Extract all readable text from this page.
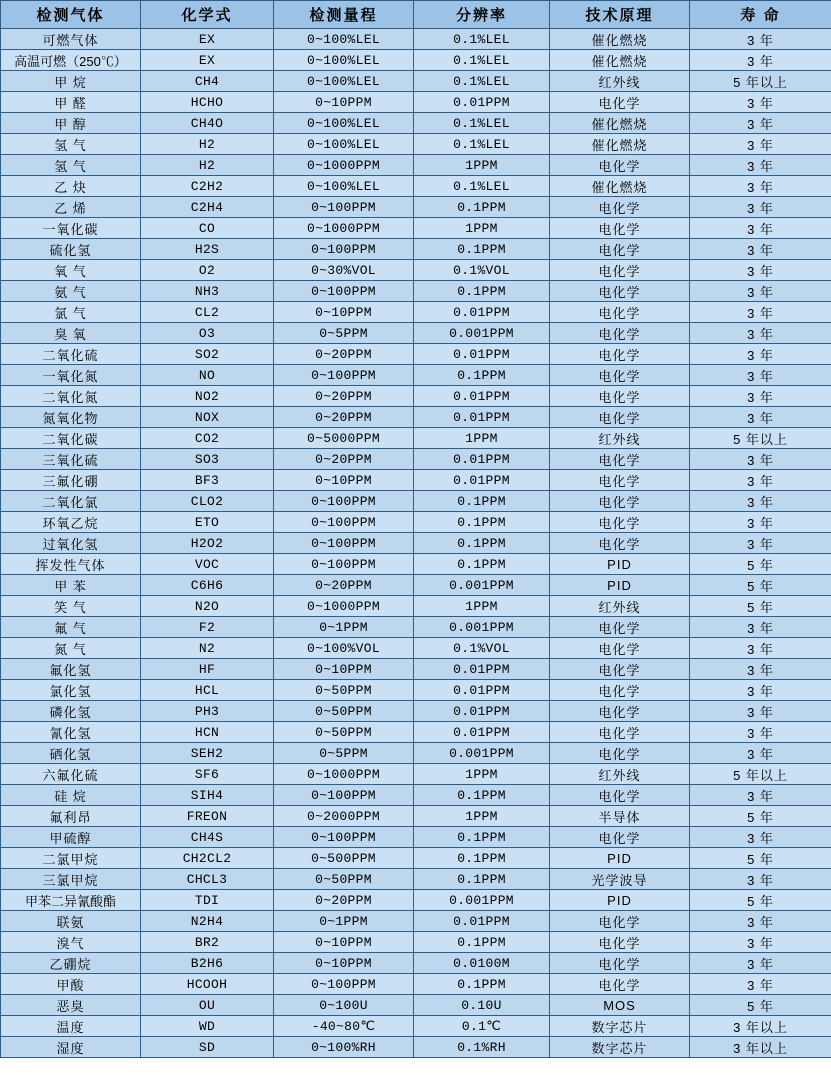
检测气体	化学式	检测量程	分辨率	技术原理	寿 命
可燃气体	EX	0~100%LEL	0.1%LEL	催化燃烧	3 年
高温可燃（250℃）	EX	0~100%LEL	0.1%LEL	催化燃烧	3 年
甲 烷	CH4	0~100%LEL	0.1%LEL	红外线	5 年以上
甲 醛	HCHO	0~10PPM	0.01PPM	电化学	3 年
甲 醇	CH4O	0~100%LEL	0.1%LEL	催化燃烧	3 年
氢 气	H2	0~100%LEL	0.1%LEL	催化燃烧	3 年
氢 气	H2	0~1000PPM	1PPM	电化学	3 年
乙 炔	C2H2	0~100%LEL	0.1%LEL	催化燃烧	3 年
乙 烯	C2H4	0~100PPM	0.1PPM	电化学	3 年
一氧化碳	CO	0~1000PPM	1PPM	电化学	3 年
硫化氢	H2S	0~100PPM	0.1PPM	电化学	3 年
氧 气	O2	0~30%VOL	0.1%VOL	电化学	3 年
氨 气	NH3	0~100PPM	0.1PPM	电化学	3 年
氯 气	CL2	0~10PPM	0.01PPM	电化学	3 年
臭 氧	O3	0~5PPM	0.001PPM	电化学	3 年
二氧化硫	SO2	0~20PPM	0.01PPM	电化学	3 年
一氧化氮	NO	0~100PPM	0.1PPM	电化学	3 年
二氧化氮	NO2	0~20PPM	0.01PPM	电化学	3 年
氮氧化物	NOX	0~20PPM	0.01PPM	电化学	3 年
二氧化碳	CO2	0~5000PPM	1PPM	红外线	5 年以上
三氧化硫	SO3	0~20PPM	0.01PPM	电化学	3 年
三氟化硼	BF3	0~10PPM	0.01PPM	电化学	3 年
二氧化氯	CLO2	0~100PPM	0.1PPM	电化学	3 年
环氧乙烷	ETO	0~100PPM	0.1PPM	电化学	3 年
过氧化氢	H2O2	0~100PPM	0.1PPM	电化学	3 年
挥发性气体	VOC	0~100PPM	0.1PPM	PID	5 年
甲 苯	C6H6	0~20PPM	0.001PPM	PID	5 年
笑 气	N2O	0~1000PPM	1PPM	红外线	5 年
氟 气	F2	0~1PPM	0.001PPM	电化学	3 年
氮 气	N2	0~100%VOL	0.1%VOL	电化学	3 年
氟化氢	HF	0~10PPM	0.01PPM	电化学	3 年
氯化氢	HCL	0~50PPM	0.01PPM	电化学	3 年
磷化氢	PH3	0~50PPM	0.01PPM	电化学	3 年
氰化氢	HCN	0~50PPM	0.01PPM	电化学	3 年
硒化氢	SEH2	0~5PPM	0.001PPM	电化学	3 年
六氟化硫	SF6	0~1000PPM	1PPM	红外线	5 年以上
硅 烷	SIH4	0~100PPM	0.1PPM	电化学	3 年
氟利昂	FREON	0~2000PPM	1PPM	半导体	5 年
甲硫醇	CH4S	0~100PPM	0.1PPM	电化学	3 年
二氯甲烷	CH2CL2	0~500PPM	0.1PPM	PID	5 年
三氯甲烷	CHCL3	0~50PPM	0.1PPM	光学波导	3 年
甲苯二异氰酸酯	TDI	0~20PPM	0.001PPM	PID	5 年
联氨	N2H4	0~1PPM	0.01PPM	电化学	3 年
溴气	BR2	0~10PPM	0.1PPM	电化学	3 年
乙硼烷	B2H6	0~10PPM	0.0100M	电化学	3 年
甲酸	HCOOH	0~100PPM	0.1PPM	电化学	3 年
恶臭	OU	0~100U	0.10U	MOS	5 年
温度	WD	-40~80℃	0.1℃	数字芯片	3 年以上
湿度	SD	0~100%RH	0.1%RH	数字芯片	3 年以上
